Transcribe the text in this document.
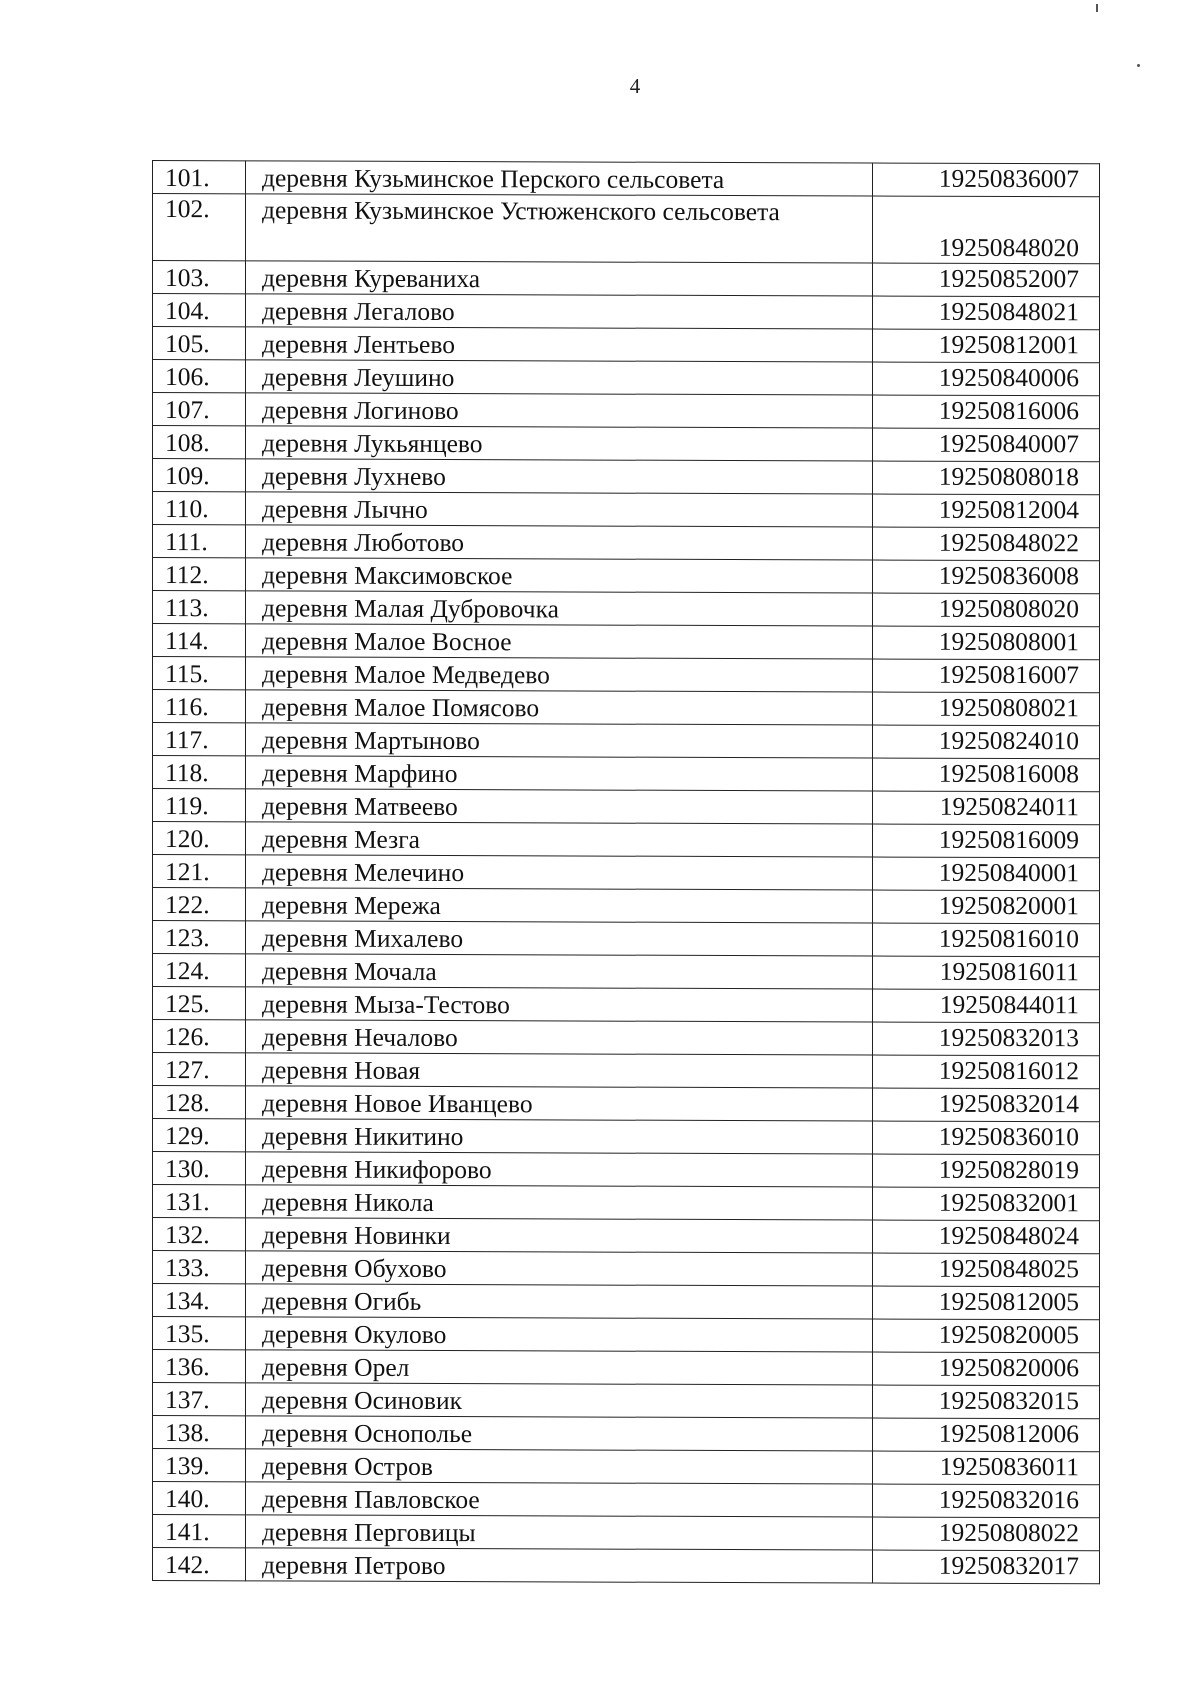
4
101.	деревня Кузьминское Перского сельсовета	19250836007
102.	деревня Кузьминское Устюженского сельсовета	19250848020
103.	деревня Куреваниха	19250852007
104.	деревня Легалово	19250848021
105.	деревня Лентьево	19250812001
106.	деревня Леушино	19250840006
107.	деревня Логиново	19250816006
108.	деревня Лукьянцево	19250840007
109.	деревня Лухнево	19250808018
110.	деревня Лычно	19250812004
111.	деревня Люботово	19250848022
112.	деревня Максимовское	19250836008
113.	деревня Малая Дубровочка	19250808020
114.	деревня Малое Восное	19250808001
115.	деревня Малое Медведево	19250816007
116.	деревня Малое Помясово	19250808021
117.	деревня Мартыново	19250824010
118.	деревня Марфино	19250816008
119.	деревня Матвеево	19250824011
120.	деревня Мезга	19250816009
121.	деревня Мелечино	19250840001
122.	деревня Мережа	19250820001
123.	деревня Михалево	19250816010
124.	деревня Мочала	19250816011
125.	деревня Мыза-Тестово	19250844011
126.	деревня Нечалово	19250832013
127.	деревня Новая	19250816012
128.	деревня Новое Иванцево	19250832014
129.	деревня Никитино	19250836010
130.	деревня Никифорово	19250828019
131.	деревня Никола	19250832001
132.	деревня Новинки	19250848024
133.	деревня Обухово	19250848025
134.	деревня Огибь	19250812005
135.	деревня Окулово	19250820005
136.	деревня Орел	19250820006
137.	деревня Осиновик	19250832015
138.	деревня Оснополье	19250812006
139.	деревня Остров	19250836011
140.	деревня Павловское	19250832016
141.	деревня Перговицы	19250808022
142.	деревня Петрово	19250832017
